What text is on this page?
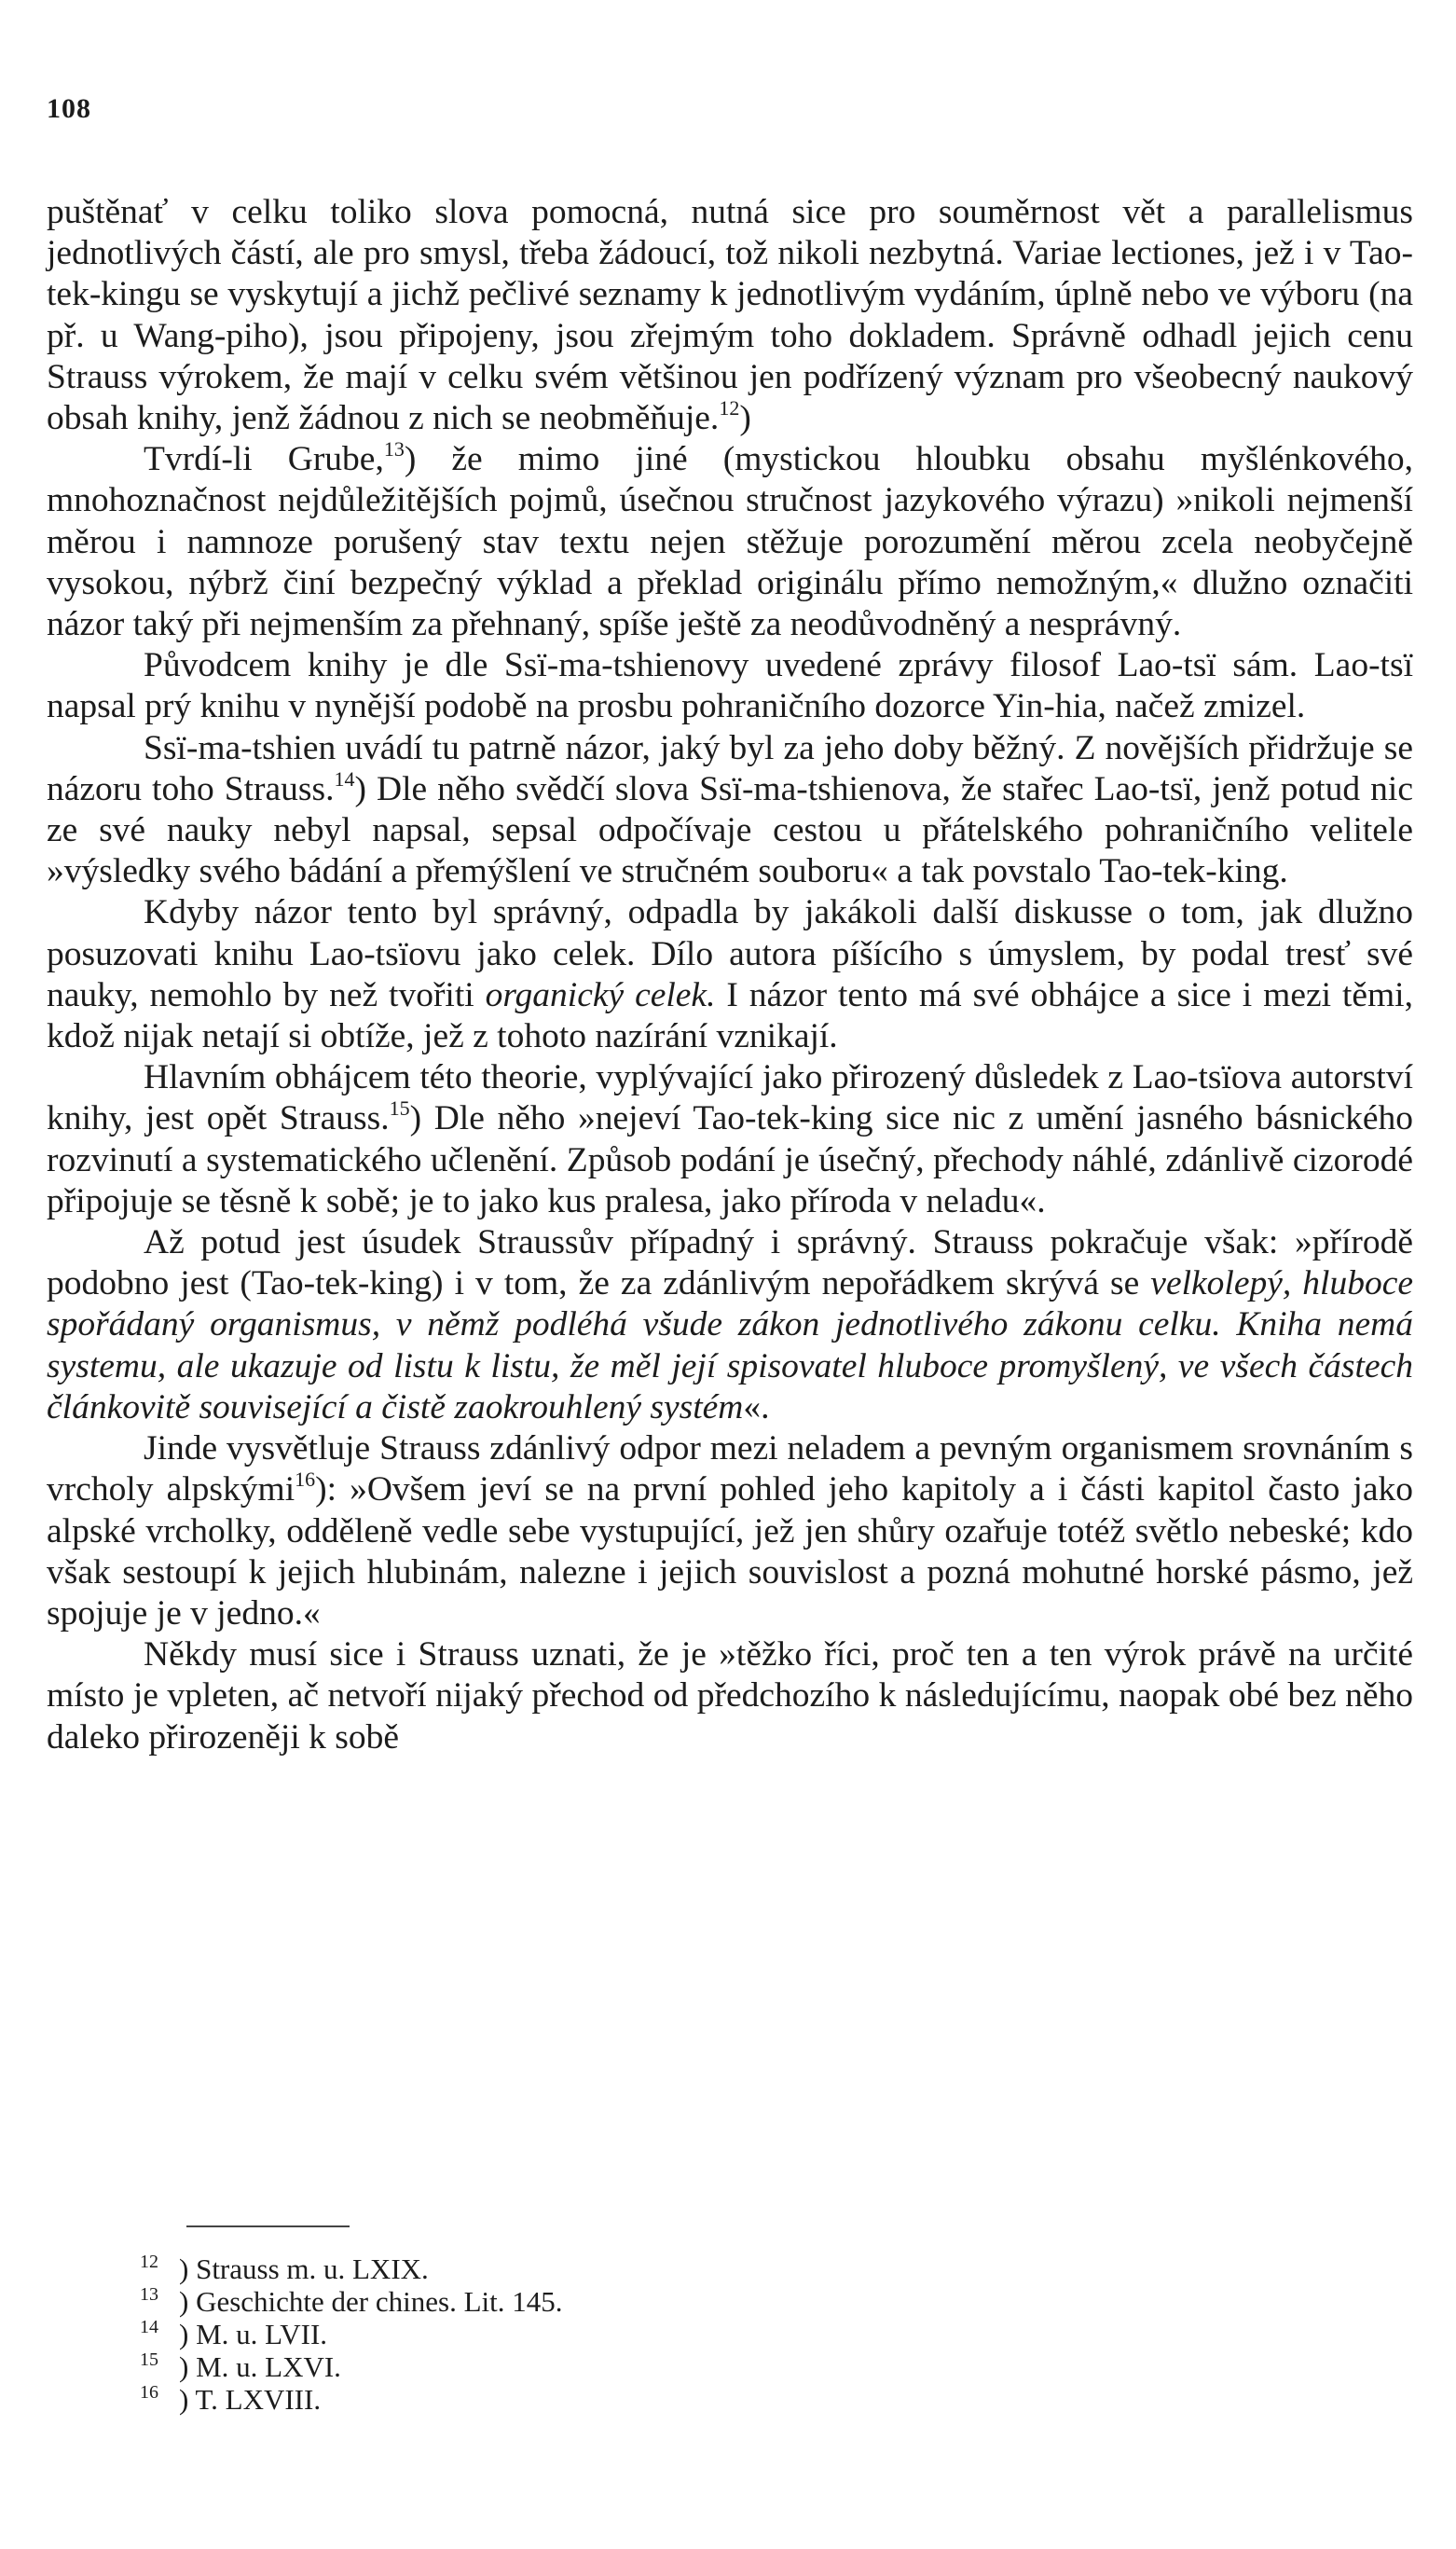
108

puštěnať v celku toliko slova pomocná, nutná sice pro souměrnost vět a parallelismus jednotlivých částí, ale pro smysl, třeba žádoucí, tož nikoli nezbytná. Variae lectiones, jež i v Tao-tek-kingu se vyskytují a jichž pečlivé seznamy k jednotlivým vydáním, úplně nebo ve výboru (na př. u Wang-piho), jsou připojeny, jsou zřejmým toho dokladem. Správně odhadl jejich cenu Strauss výrokem, že mají v celku svém většinou jen podřízený význam pro všeobecný naukový obsah knihy, jenž žádnou z nich se neobměňuje.$^{12}$)

Tvrdí-li Grube,$^{13}$) že mimo jiné (mystickou hloubku obsahu myšlénkového, mnohoznačnost nejdůležitějších pojmů, úsečnou stručnost jazykového výrazu) »nikoli nejmenší měrou i namnoze porušený stav textu nejen stěžuje porozumění měrou zcela neobyčejně vysokou, nýbrž činí bezpečný výklad a překlad originálu přímo nemožným,« dlužno označiti názor taký při nejmenším za přehnaný, spíše ještě za neodůvodněný a nesprávný.

Původcem knihy je dle Ssï-ma-tshienovy uvedené zprávy filosof Lao-tsï sám. Lao-tsï napsal prý knihu v nynější podobě na prosbu pohraničního dozorce Yin-hia, načež zmizel.

Ssï-ma-tshien uvádí tu patrně názor, jaký byl za jeho doby běžný. Z novějších přidržuje se názoru toho Strauss.$^{14}$) Dle něho svědčí slova Ssï-ma-tshienova, že stařec Lao-tsï, jenž potud nic ze své nauky nebyl napsal, sepsal odpočívaje cestou u přátelského pohraničního velitele »výsledky svého bádání a přemýšlení ve stručném souboru« a tak povstalo Tao-tek-king.

Kdyby názor tento byl správný, odpadla by jakákoli další diskusse o tom, jak dlužno posuzovati knihu Lao-tsïovu jako celek. Dílo autora píšícího s úmyslem, by podal tresť své nauky, nemohlo by než tvořiti organický celek. I názor tento má své obhájce a sice i mezi těmi, kdož nijak netají si obtíže, jež z tohoto nazírání vznikají.

Hlavním obhájcem této theorie, vyplývající jako přirozený důsledek z Lao-tsïova autorství knihy, jest opět Strauss.$^{15}$) Dle něho »nejeví Tao-tek-king sice nic z umění jasného básnického rozvinutí a systematického učlenění. Způsob podání je úsečný, přechody náhlé, zdánlivě cizorodé připojuje se těsně k sobě; je to jako kus pralesa, jako příroda v neladu«.

Až potud jest úsudek Straussův případný i správný. Strauss pokračuje však: »přírodě podobno jest (Tao-tek-king) i v tom, že za zdánlivým nepořádkem skrývá se velkolepý, hluboce spořádaný organismus, v němž podléhá všude zákon jednotlivého zákonu celku. Kniha nemá systemu, ale ukazuje od listu k listu, že měl její spisovatel hluboce promyšlený, ve všech částech článkovitě související a čistě zaokrouhlený systém«.

Jinde vysvětluje Strauss zdánlivý odpor mezi neladem a pevným organismem srovnáním s vrcholy alpskými$^{16}$): »Ovšem jeví se na první pohled jeho kapitoly a i části kapitol často jako alpské vrcholky, odděleně vedle sebe vystupující, jež jen shůry ozařuje totéž světlo nebeské; kdo však sestoupí k jejich hlubinám, nalezne i jejich souvislost a pozná mohutné horské pásmo, jež spojuje je v jedno.«

Někdy musí sice i Strauss uznati, že je »těžko říci, proč ten a ten výrok právě na určité místo je vpleten, ač netvoří nijaký přechod od předchozího k následujícímu, naopak obé bez něho daleko přirozeněji k sobě

12 ) Strauss m. u. LXIX.

13 ) Geschichte der chines. Lit. 145.

14 ) M. u. LVII.

15 ) M. u. LXVI.

16 ) T. LXVIII.
